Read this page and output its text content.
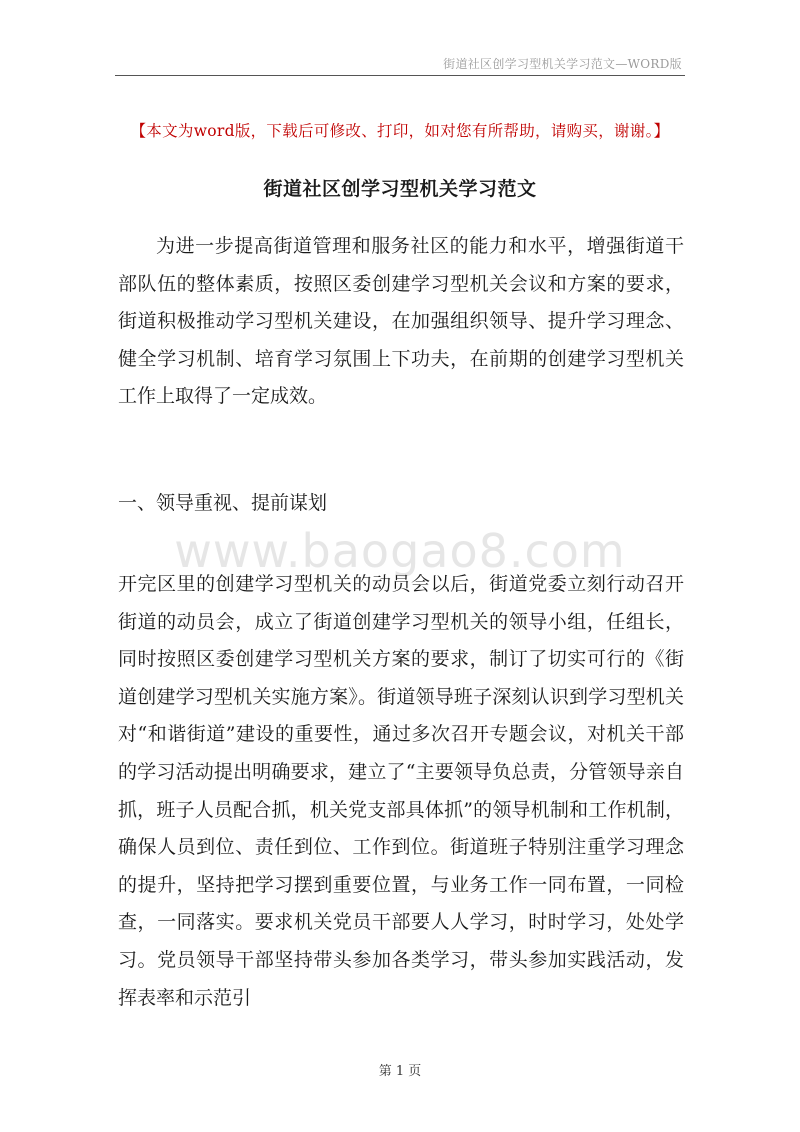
街道社区创学习型机关学习范文—WORD版
【本文为word版，下载后可修改、打印，如对您有所帮助，请购买，谢谢。】
街道社区创学习型机关学习范文

为进一步提高街道管理和服务社区的能力和水平，增强街道干部队伍的整体素质，按照区委创建学习型机关会议和方案的要求，街道积极推动学习型机关建设，在加强组织领导、提升学习理念、健全学习机制、培育学习氛围上下功夫，在前期的创建学习型机关工作上取得了一定成效。

一、领导重视、提前谋划

www.baogao8.com

开完区里的创建学习型机关的动员会以后，街道党委立刻行动召开街道的动员会，成立了街道创建学习型机关的领导小组，任组长，同时按照区委创建学习型机关方案的要求，制订了切实可行的《街道创建学习型机关实施方案》。街道领导班子深刻认识到学习型机关对“和谐街道”建设的重要性，通过多次召开专题会议，对机关干部的学习活动提出明确要求，建立了“主要领导负总责，分管领导亲自抓，班子人员配合抓，机关党支部具体抓”的领导机制和工作机制，确保人员到位、责任到位、工作到位。街道班子特别注重学习理念的提升，坚持把学习摆到重要位置，与业务工作一同布置，一同检查，一同落实。要求机关党员干部要人人学习，时时学习，处处学习。党员领导干部坚持带头参加各类学习，带头参加实践活动，发挥表率和示范引

第 1 页
